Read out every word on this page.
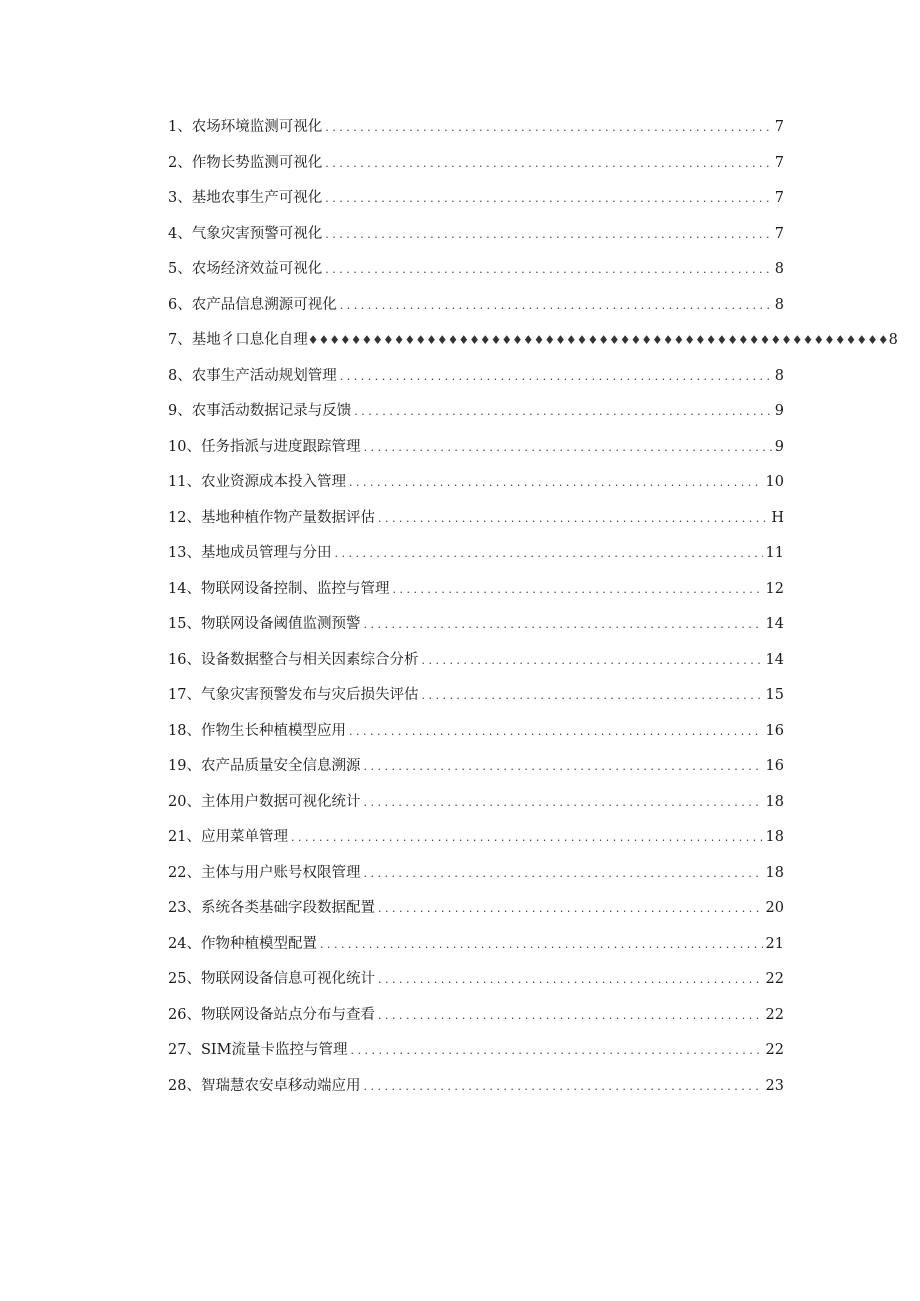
1、农场环境监测可视化 .....	7
2、作物长势监测可视化 .....	7
3、基地农事生产可视化 .....	7
4、气象灾害预警可视化 .....	7
5、农场经济效益可视化 .....	8
6、农产品信息溯源可视化 .....	8
7、基地彳口息化自理 ♦♦♦♦♦♦♦♦♦♦♦♦♦♦♦♦♦♦♦♦♦♦♦♦♦♦♦♦♦♦♦♦♦♦♦♦♦♦♦♦♦♦♦♦♦♦♦♦♦♦♦♦♦♦ 8
8、农事生产活动规划管理 .....	8
9、农事活动数据记录与反馈 .....	9
10、任务指派与进度跟踪管理 .....	9
11、农业资源成本投入管理 .....	10
12、基地种植作物产量数据评估 .....	H
13、基地成员管理与分田 .....	11
14、物联网设备控制、监控与管理 .....	12
15、物联网设备阈值监测预警 .....	14
16、设备数据整合与相关因素综合分析 .....	14
17、气象灾害预警发布与灾后损失评估 .....	15
18、作物生长种植模型应用 .....	16
19、农产品质量安全信息溯源 .....	16
20、主体用户数据可视化统计 .....	18
21、应用菜单管理 .....	18
22、主体与用户账号权限管理 .....	18
23、系统各类基础字段数据配置 .....	20
24、作物种植模型配置 .....	21
25、物联网设备信息可视化统计 .....	22
26、物联网设备站点分布与查看 .....	22
27、SIM流量卡监控与管理 .....	22
28、智瑞慧农安卓移动端应用 .....	23
